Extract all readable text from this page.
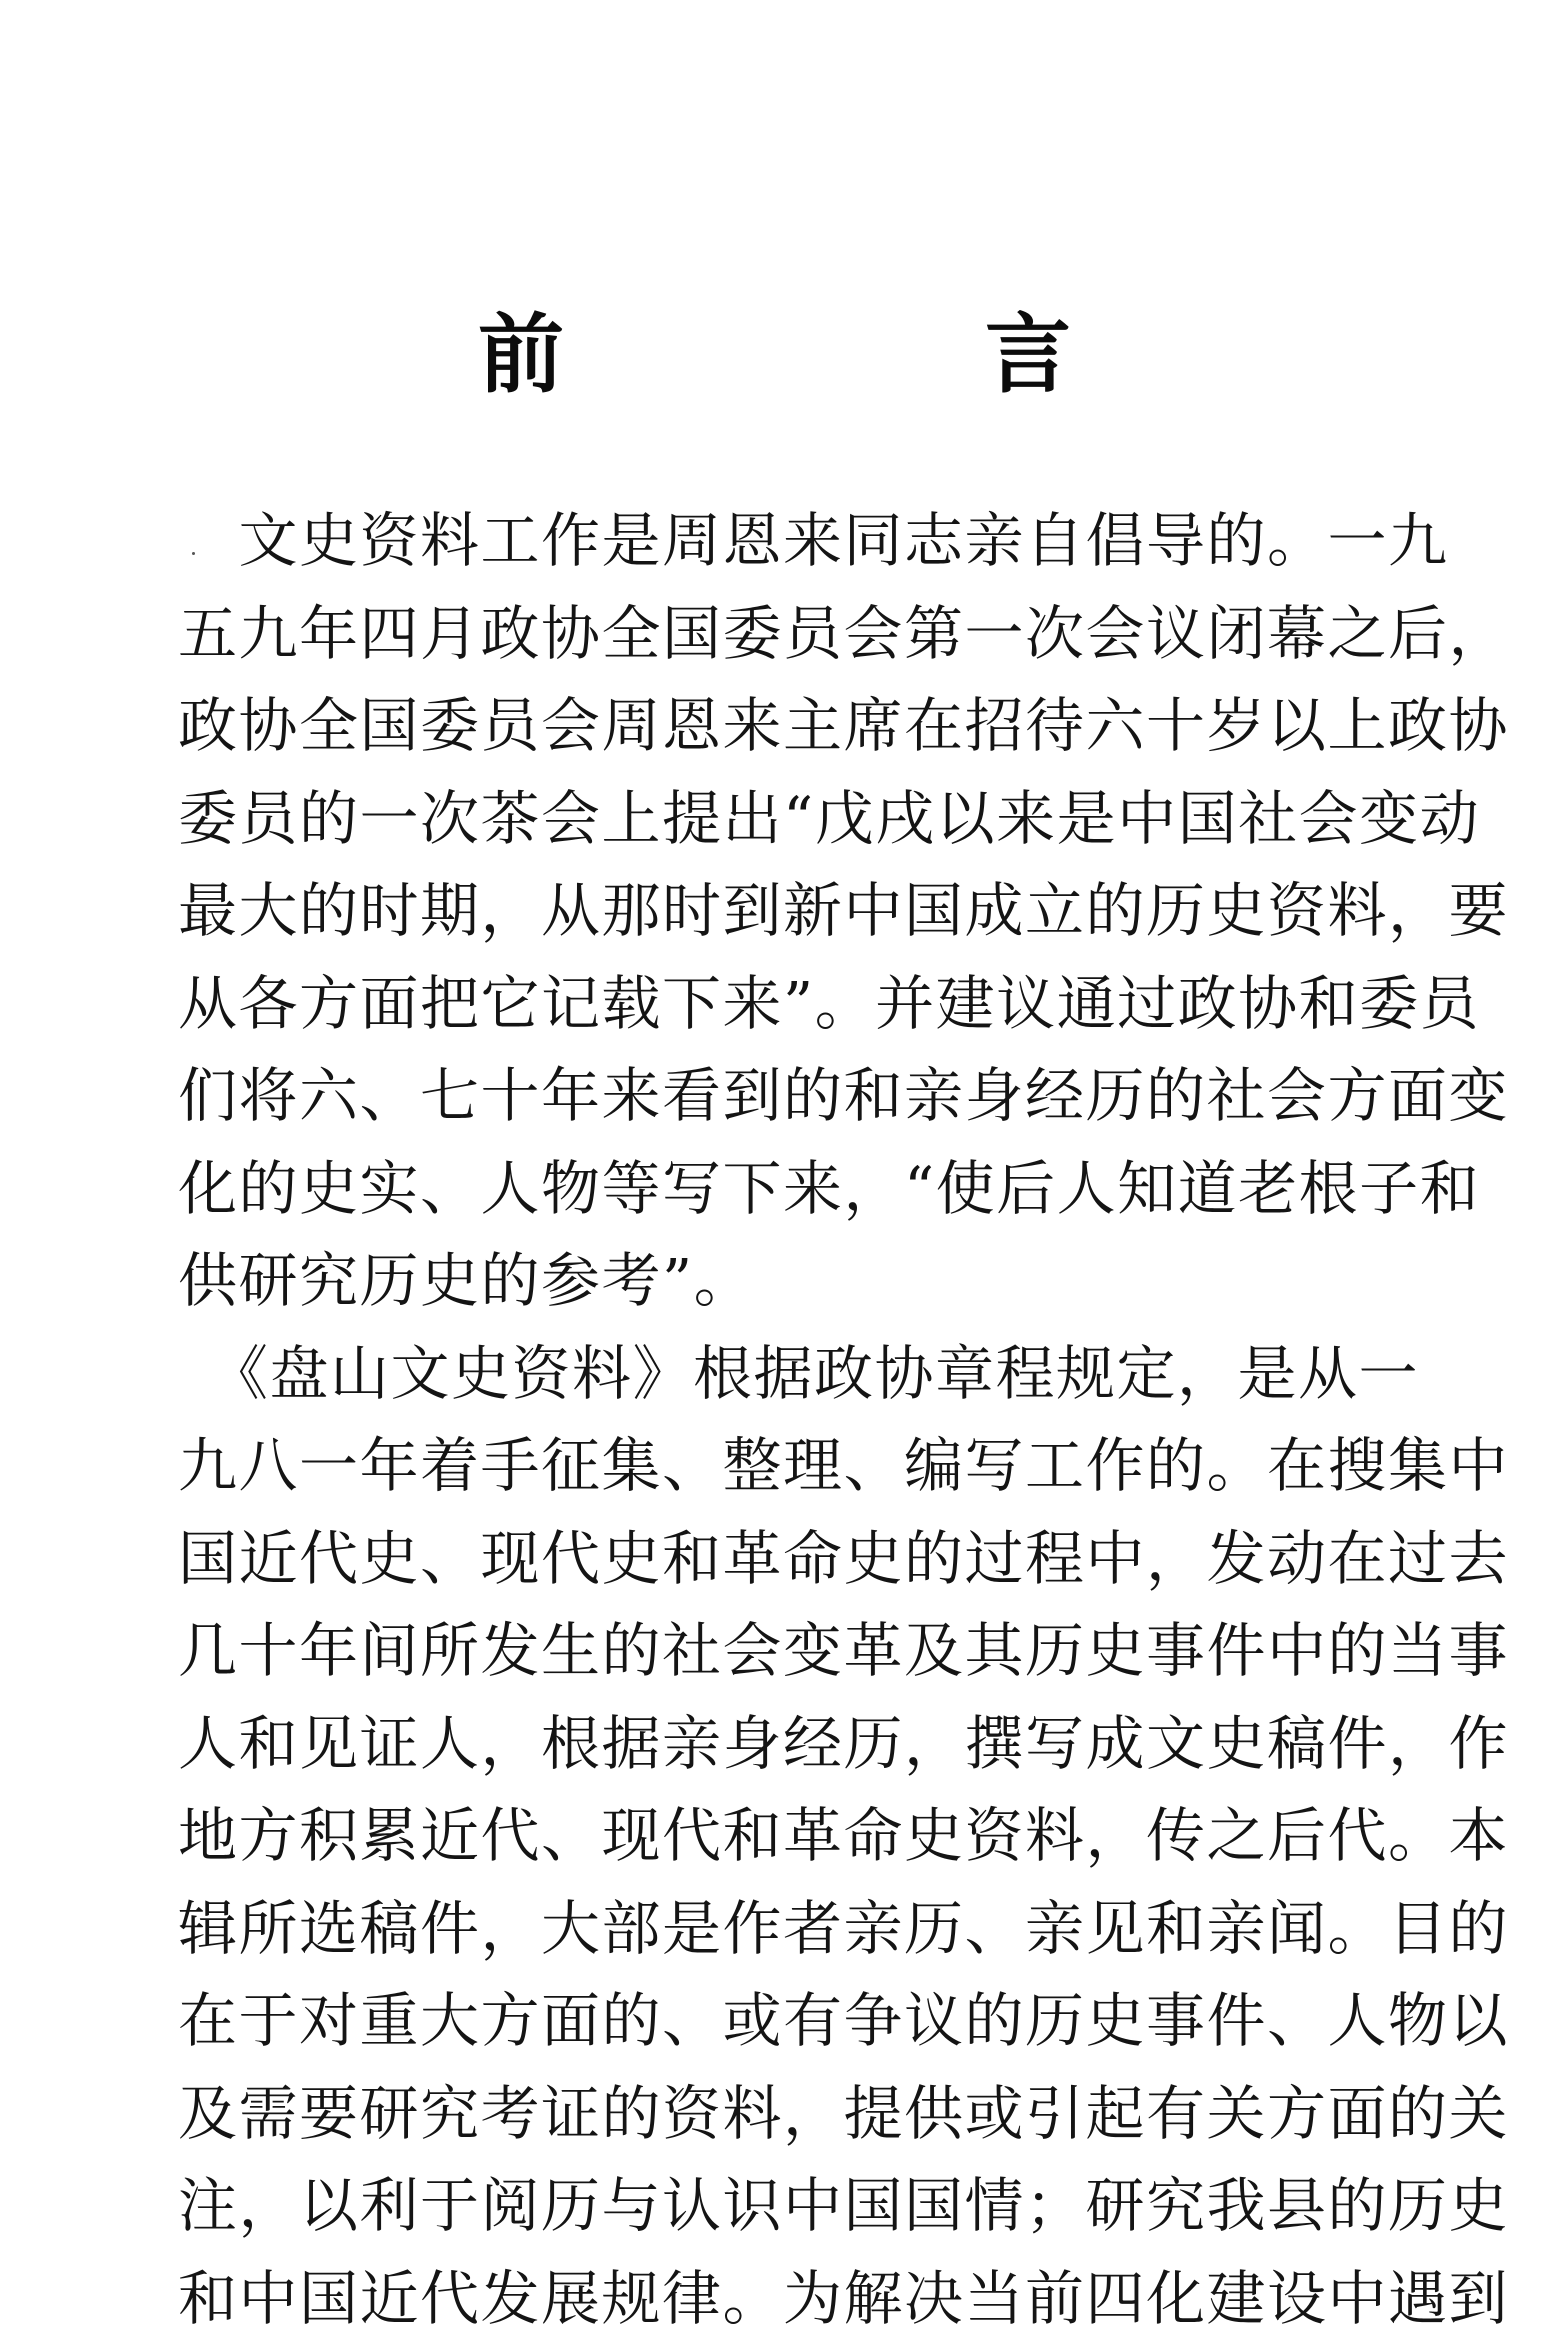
前	言
　文史资料工作是周恩来同志亲自倡导的。一九
五九年四月政协全国委员会第一次会议闭幕之后，
政协全国委员会周恩来主席在招待六十岁以上政协
委员的一次茶会上提出“戊戌以来是中国社会变动
最大的时期，从那时到新中国成立的历史资料，要
从各方面把它记载下来”。并建议通过政协和委员
们将六、七十年来看到的和亲身经历的社会方面变
化的史实、人物等写下来，“使后人知道老根子和
供研究历史的参考”。
　《盘山文史资料》根据政协章程规定，是从一
九八一年着手征集、整理、编写工作的。在搜集中
国近代史、现代史和革命史的过程中，发动在过去
几十年间所发生的社会变革及其历史事件中的当事
人和见证人，根据亲身经历，撰写成文史稿件，作
地方积累近代、现代和革命史资料，传之后代。本
辑所选稿件，大部是作者亲历、亲见和亲闻。目的
在于对重大方面的、或有争议的历史事件、人物以
及需要研究考证的资料，提供或引起有关方面的关
注，以利于阅历与认识中国国情；研究我县的历史
和中国近代发展规律。为解决当前四化建设中遇到
